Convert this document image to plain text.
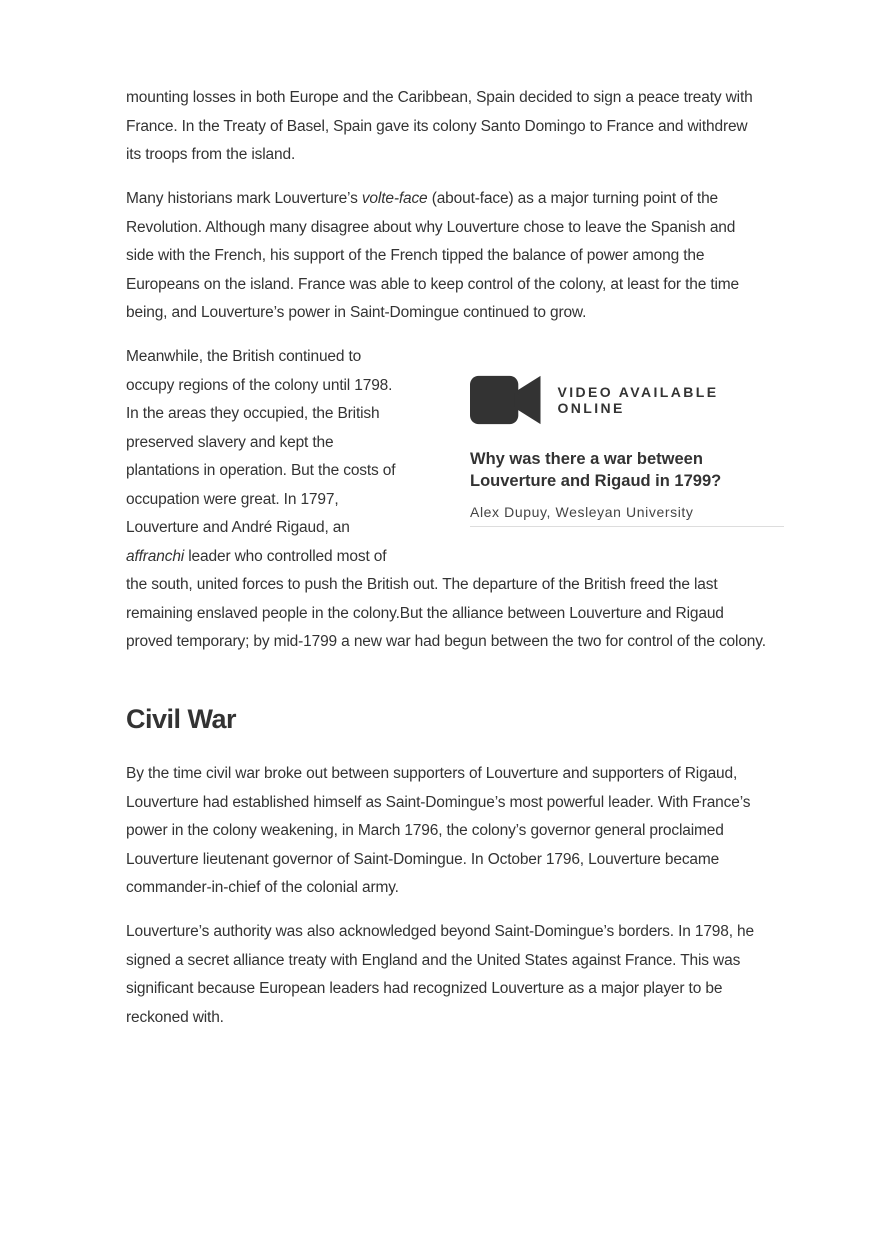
mounting losses in both Europe and the Caribbean, Spain decided to sign a peace treaty with France. In the Treaty of Basel, Spain gave its colony Santo Domingo to France and withdrew its troops from the island.

Many historians mark Louverture’s volte-face (about-face) as a major turning point of the Revolution. Although many disagree about why Louverture chose to leave the Spanish and side with the French, his support of the French tipped the balance of power among the Europeans on the island. France was able to keep control of the colony, at least for the time being, and Louverture’s power in Saint-Domingue continued to grow.

Meanwhile, the British continued to occupy regions of the colony until 1798. In the areas they occupied, the British preserved slavery and kept the plantations in operation. But the costs of occupation were great. In 1797, Louverture and André Rigaud, an affranchi leader who controlled most of the south, united forces to push the British out. The departure of the British freed the last remaining enslaved people in the colony.But the alliance between Louverture and Rigaud proved temporary; by mid-1799 a new war had begun between the two for control of the colony.

VIDEO AVAILABLE ONLINE

Why was there a war between Louverture and Rigaud in 1799?

Alex Dupuy, Wesleyan University

Civil War

By the time civil war broke out between supporters of Louverture and supporters of Rigaud, Louverture had established himself as Saint-Domingue’s most powerful leader. With France’s power in the colony weakening, in March 1796, the colony’s governor general proclaimed Louverture lieutenant governor of Saint-Domingue. In October 1796, Louverture became commander-in-chief of the colonial army.

Louverture’s authority was also acknowledged beyond Saint-Domingue’s borders. In 1798, he signed a secret alliance treaty with England and the United States against France. This was significant because European leaders had recognized Louverture as a major player to be reckoned with.
